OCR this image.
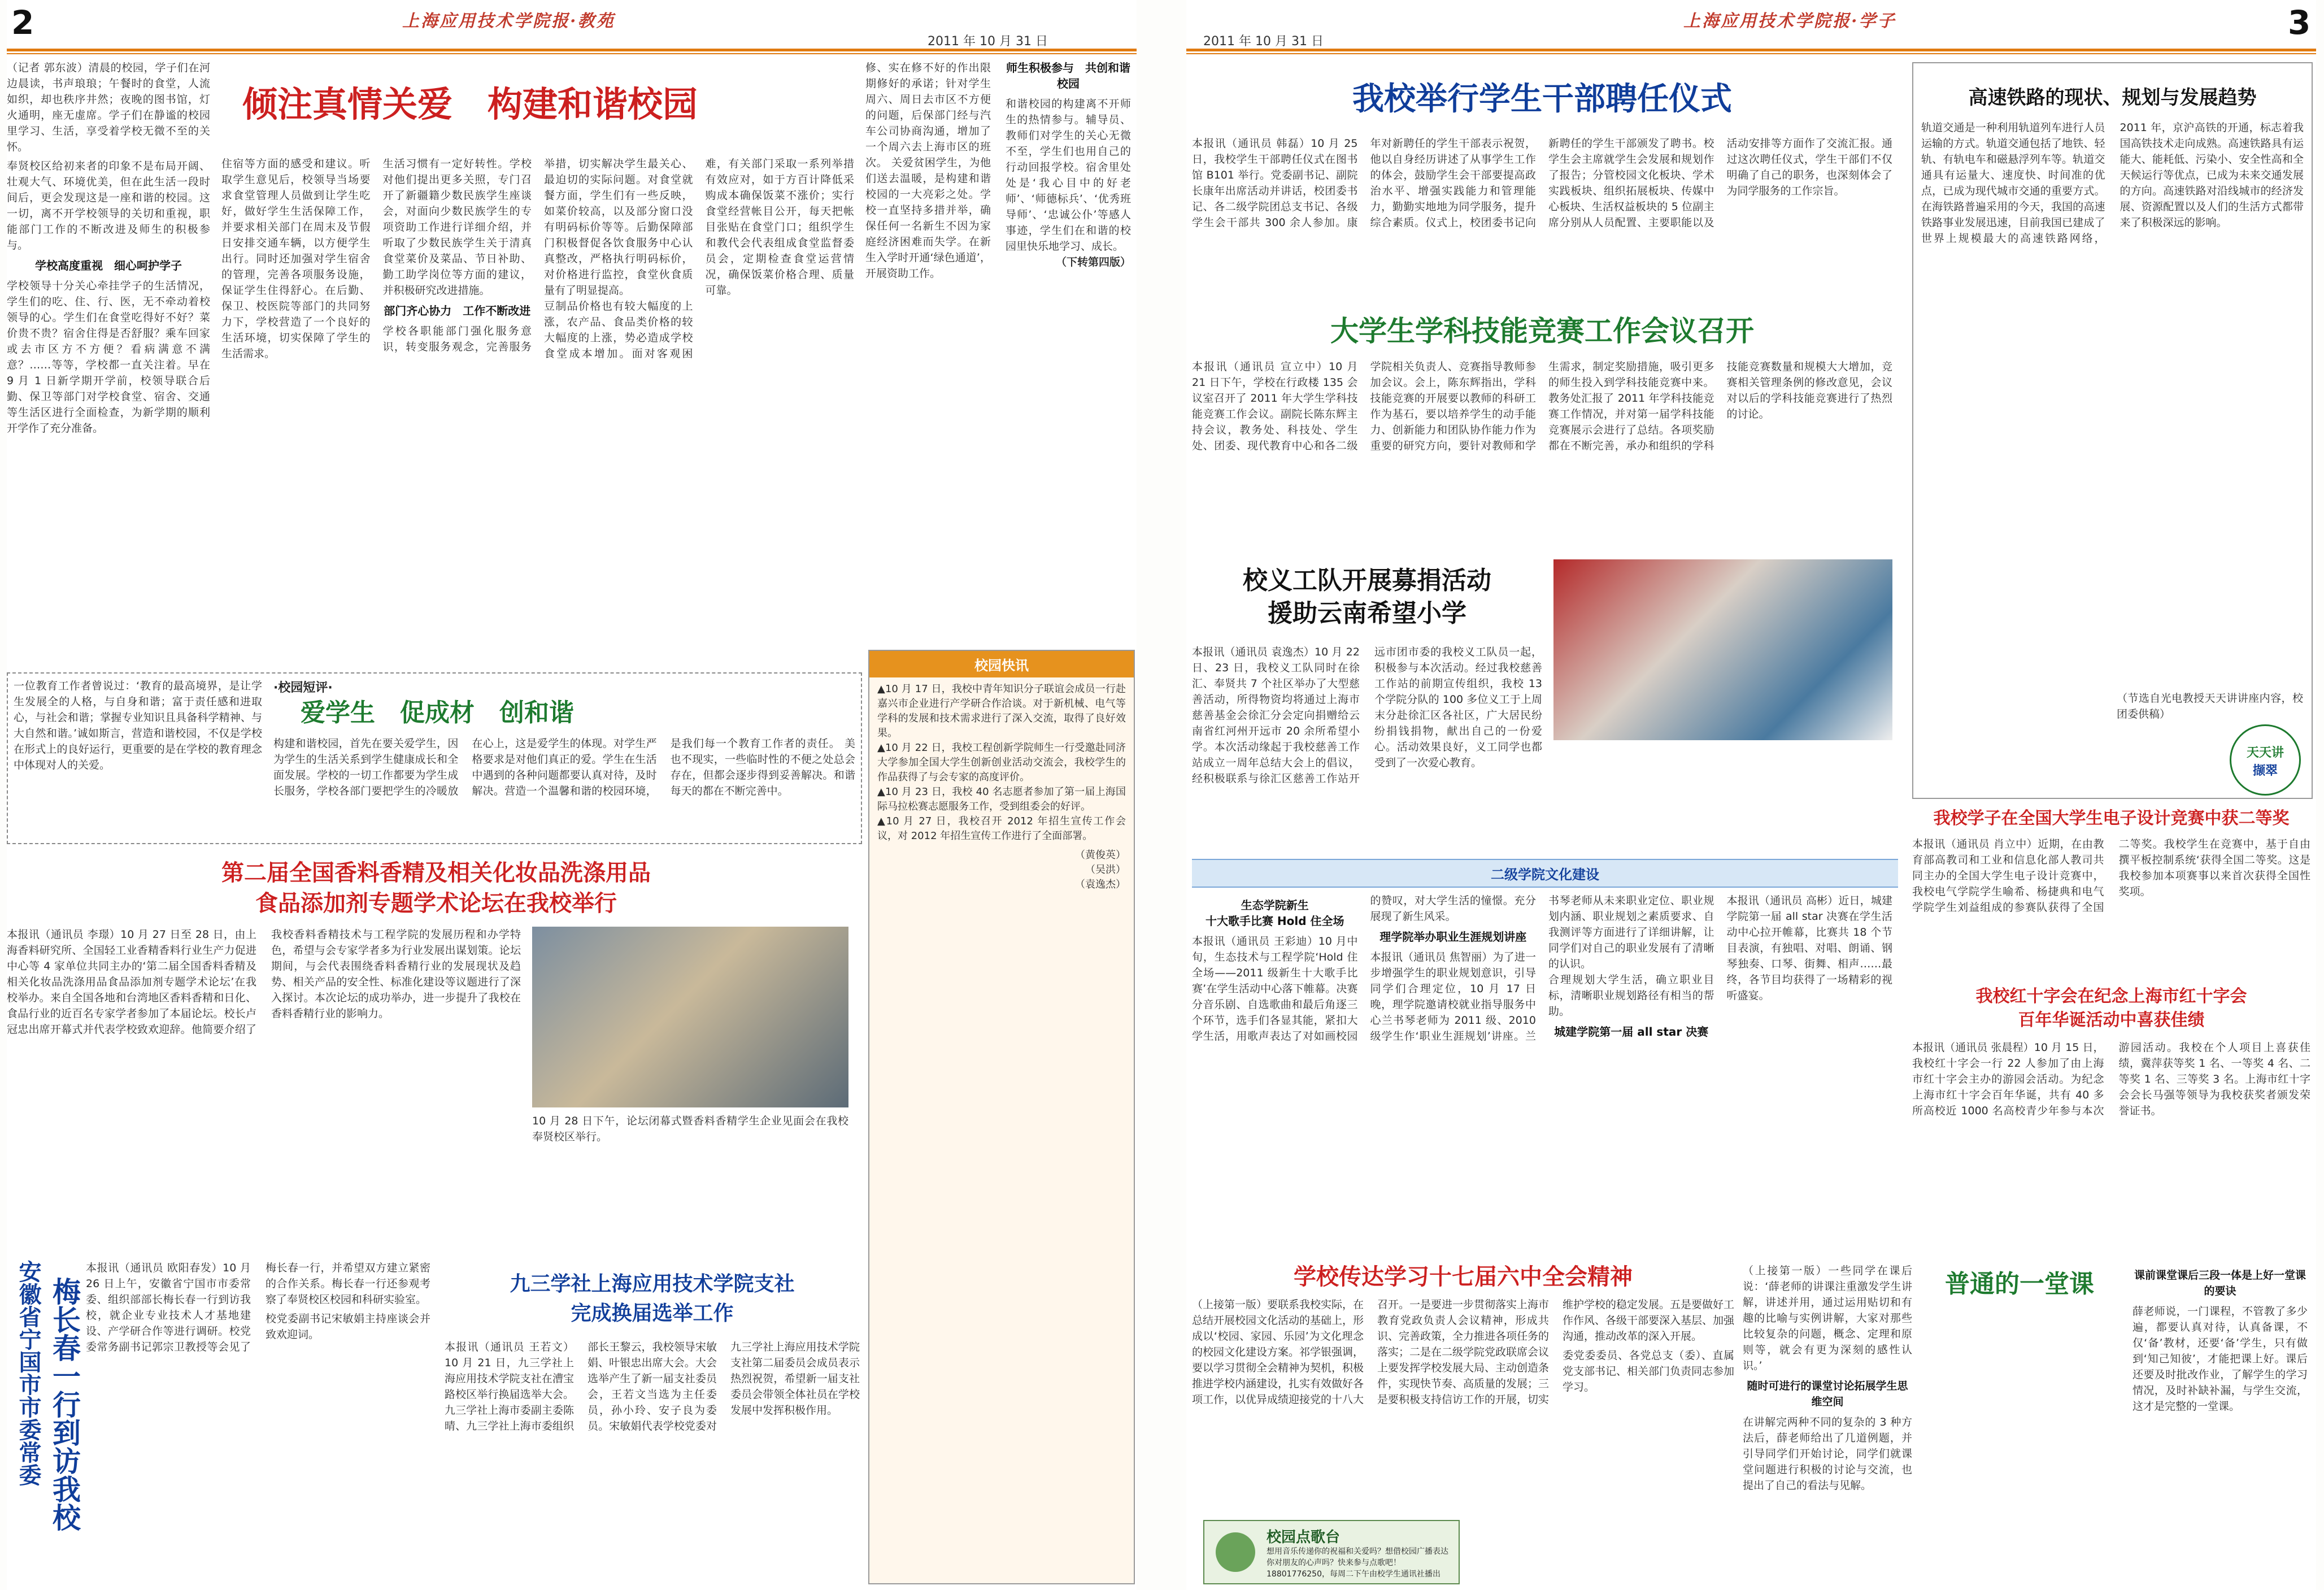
2	上海应用技术学院报·教苑
2011 年 10 月 31 日
倾注真情关爱　构建和谐校园

（记者 郭东波）清晨的校园，学子们在河边晨读，书声琅琅；午餐时的食堂，人流如织，却也秩序井然；夜晚的图书馆，灯火通明，座无虚席。学子们在静谧的校园里学习、生活，享受着学校无微不至的关怀。

奉贤校区给初来者的印象不是布局开阔、壮观大气、环境优美，但在此生活一段时间后，更会发现这是一座和谐的校园。这一切，离不开学校领导的关切和重视，职能部门工作的不断改进及师生的积极参与。

学校高度重视　细心呵护学子

学校领导十分关心牵挂学子的生活情况，学生们的吃、住、行、医，无不牵动着校领导的心。学生们在食堂吃得好不好？菜价贵不贵？宿舍住得是否舒服？乘车回家或去市区方不方便？看病满意不满意？……等等，学校都一直关注着。早在 9 月 1 日新学期开学前，校领导联合后勤、保卫等部门对学校食堂、宿舍、交通等生活区进行全面检查，为新学期的顺利开学作了充分准备。

住宿等方面的感受和建议。听取学生意见后，校领导当场要求食堂管理人员做到让学生吃好，做好学生生活保障工作，并要求相关部门在周末及节假日安排交通车辆，以方便学生出行。同时还加强对学生宿舍的管理，完善各项服务设施，保证学生住得舒心。在后勤、保卫、校医院等部门的共同努力下，学校营造了一个良好的生活环境，切实保障了学生的生活需求。

生活习惯有一定好转性。学校对他们提出更多关照，专门召开了新疆籍少数民族学生座谈会，对面向少数民族学生的专项资助工作进行详细介绍，并听取了少数民族学生关于清真食堂菜价及菜品、节日补助、勤工助学岗位等方面的建议，并积极研究改进措施。

部门齐心协力　工作不断改进

学校各职能部门强化服务意识，转变服务观念，完善服务举措，切实解决学生最关心、最迫切的实际问题。对食堂就餐方面，学生们有一些反映，如菜价较高，以及部分窗口没有明码标价等等。后勤保障部门积极督促各饮食服务中心认真整改，严格执行明码标价，对价格进行监控，食堂伙食质量有了明显提高。

豆制品价格也有较大幅度的上涨，农产品、食品类价格的较大幅度的上涨，势必造成学校食堂成本增加。面对客观困难，有关部门采取一系列举措有效应对，如于方百计降低采购成本确保饭菜不涨价；实行食堂经营帐目公开，每天把帐目张贴在食堂门口；组织学生和教代会代表组成食堂监督委员会，定期检查食堂运营情况，确保饭菜价格合理、质量可靠。

修、实在修不好的作出限期修好的承诺；针对学生周六、周日去市区不方便的问题，后保部门经与汽车公司协商沟通，增加了一个周六去上海市区的班次。 关爱贫困学生，为他们送去温暖，是构建和谐校园的一大亮彩之处。学校一直坚持多措并举，确保任何一名新生不因为家庭经济困难而失学。在新生入学时开通‘绿色通道’，开展资助工作。

师生积极参与　共创和谐校园

和谐校园的构建离不开师生的热情参与。辅导员、教师们对学生的关心无微不至，学生们也用自己的行动回报学校。宿舍里处处是‘我心目中的好老师’、‘师德标兵’、‘优秀班导师’、‘忠诚公仆’等感人事迹，学生们在和谐的校园里快乐地学习、成长。

（下转第四版）

·校园短评·
爱学生　促成材　创和谐
一位教育工作者曾说过：‘教育的最高境界，是让学生发展全的人格，与自身和谐；富于责任感和进取心，与社会和谐；掌握专业知识且具备科学精神、与大自然和谐。’诚如斯言，营造和谐校园，不仅是学校在形式上的良好运行，更重要的是在学校的教育理念中体现对人的关爱。
构建和谐校园，首先在要关爱学生，因为学生的生活关系到学生健康成长和全面发展。学校的一切工作都要为学生成长服务，学校各部门要把学生的冷暖放在心上，这是爱学生的体现。对学生严格要求是对他们真正的爱。学生在生活中遇到的各种问题都要认真对待，及时解决。营造一个温馨和谐的校园环境，是我们每一个教育工作者的责任。 美也不现实，一些临时性的不便之处总会存在，但都会逐步得到妥善解决。和谐每天的都在不断完善中。
校园快讯
▲10 月 17 日，我校中青年知识分子联谊会成员一行赴嘉兴市企业进行产学研合作洽谈。对于新机械、电气等学科的发展和技术需求进行了深入交流，取得了良好效果。
▲10 月 22 日，我校工程创新学院师生一行受邀赴同济大学参加全国大学生创新创业活动交流会，我校学生的作品获得了与会专家的高度评价。
▲10 月 23 日，我校 40 名志愿者参加了第一届上海国际马拉松赛志愿服务工作，受到组委会的好评。
▲10 月 27 日，我校召开 2012 年招生宣传工作会议，对 2012 年招生宣传工作进行了全面部署。
（黄俊英）
（吴洪）
（袁逸杰）
第二届全国香料香精及相关化妆品洗涤用品
食品添加剂专题学术论坛在我校举行
本报讯（通讯员 李璟）10 月 27 日至 28 日，由上海香料研究所、全国轻工业香精香料行业生产力促进中心等 4 家单位共同主办的‘第二届全国香料香精及相关化妆品洗涤用品食品添加剂专题学术论坛’在我校举办。来自全国各地和台湾地区香料香精和日化、食品行业的近百名专家学者参加了本届论坛。校长卢冠忠出席开幕式并代表学校致欢迎辞。他简要介绍了我校香料香精技术与工程学院的发展历程和办学特色，希望与会专家学者多为行业发展出谋划策。论坛期间，与会代表围绕香料香精行业的发展现状及趋势、相关产品的安全性、标准化建设等议题进行了深入探讨。本次论坛的成功举办，进一步提升了我校在香料香精行业的影响力。
10 月 28 日下午，论坛闭幕式暨香料香精学生企业见面会在我校奉贤校区举行。
安徽省宁国市市委常委 梅长春一行到访我校
本报讯（通讯员 欧阳春发）10 月 26 日上午，安徽省宁国市市委常委、组织部部长梅长春一行到访我校，就企业专业技术人才基地建设、产学研合作等进行调研。校党委常务副书记郭宗卫教授等会见了梅长春一行，并希望双方建立紧密的合作关系。梅长春一行还参观考察了奉贤校区校园和科研实验室。

校党委副书记宋敏娟主持座谈会并致欢迎词。

九三学社上海应用技术学院支社
完成换届选举工作
本报讯（通讯员 王若文）10 月 21 日，九三学社上海应用技术学院支社在漕宝路校区举行换届选举大会。九三学社上海市委副主委陈晴、九三学社上海市委组织部长王黎云，我校领导宋敏娟、叶银忠出席大会。大会选举产生了新一届支社委员会，王若文当选为主任委员，孙小玲、安子良为委员。宋敏娟代表学校党委对九三学社上海应用技术学院支社第二届委员会成员表示热烈祝贺，希望新一届支社委员会带领全体社员在学校发展中发挥积极作用。
2011 年 10 月 31 日
上海应用技术学院报·学子	3
我校举行学生干部聘任仪式
本报讯（通讯员 韩磊）10 月 25 日，我校学生干部聘任仪式在图书馆 B101 举行。党委副书记、副院长康年出席活动并讲话，校团委书记、各二级学院团总支书记、各级学生会干部共 300 余人参加。康年对新聘任的学生干部表示祝贺，他以自身经历讲述了从事学生工作的体会，鼓励学生会干部要提高政治水平、增强实践能力和管理能力，勤勤实地地为同学服务，提升综合素质。仪式上，校团委书记向新聘任的学生干部颁发了聘书。校学生会主席就学生会发展和规划作了报告；分管校园文化板块、学术实践板块、组织拓展板块、传媒中心板块、生活权益板块的 5 位副主席分别从人员配置、主要职能以及活动安排等方面作了交流汇报。通过这次聘任仪式，学生干部们不仅明确了自己的职务，也深刻体会了为同学服务的工作宗旨。
大学生学科技能竞赛工作会议召开
本报讯（通讯员 宣立中）10 月 21 日下午，学校在行政楼 135 会议室召开了 2011 年大学生学科技能竞赛工作会议。副院长陈东辉主持会议，教务处、科技处、学生处、团委、现代教育中心和各二级学院相关负责人、竞赛指导教师参加会议。会上，陈东辉指出，学科技能竞赛的开展要以教师的科研工作为基石，要以培养学生的动手能力、创新能力和团队协作能力作为重要的研究方向，要针对教师和学生需求，制定奖励措施，吸引更多的师生投入到学科技能竞赛中来。教务处汇报了 2011 年学科技能竞赛工作情况，并对第一届学科技能竞赛展示会进行了总结。各项奖励都在不断完善，承办和组织的学科技能竞赛数量和规模大大增加，竞赛相关管理条例的修改意见，会议对以后的学科技能竞赛进行了热烈的讨论。
校义工队开展募捐活动
援助云南希望小学
本报讯（通讯员 袁逸杰）10 月 22 日、23 日，我校义工队同时在徐汇、奉贤共 7 个社区举办了大型慈善活动，所得物资均将通过上海市慈善基金会徐汇分会定向捐赠给云南省红河州开远市 20 余所希望小学。本次活动缘起于我校慈善工作站成立一周年总结大会上的倡议，经积极联系与徐汇区慈善工作站开远市团市委的我校义工队员一起，积极参与本次活动。经过我校慈善工作站的前期宣传组织，我校 13 个学院分队的 100 多位义工于上周末分赴徐汇区各社区，广大居民纷纷捐钱捐物，献出自己的一份爱心。活动效果良好，义工同学也都受到了一次爱心教育。
二级学院文化建设
生态学院新生
十大歌手比赛 Hold 住全场

本报讯（通讯员 王彩迪）10 月中旬，生态技术与工程学院‘Hold 住全场——2011 级新生十大歌手比赛’在学生活动中心落下帷幕。决赛分音乐剧、自选歌曲和最后角逐三个环节，选手们各显其能，紧扣大学生活，用歌声表达了对如画校园的赞叹，对大学生活的憧憬。充分展现了新生风采。

理学院举办职业生涯规划讲座

本报讯（通讯员 焦智丽）为了进一步增强学生的职业规划意识，引导同学们合理定位，10 月 17 日晚，理学院邀请校就业指导服务中心兰书琴老师为 2011 级、2010 级学生作‘职业生涯规划’讲座。兰书琴老师从未来职业定位、职业规划内涵、职业规划之素质要求、自我测评等方面进行了详细讲解，让同学们对自己的职业发展有了清晰的认识。

合理规划大学生活，确立职业目标，清晰职业规划路径有相当的帮助。

城建学院第一届 all star 决赛

本报讯（通讯员 高彬）近日，城建学院第一届 all star 决赛在学生活动中心拉开帷幕，比赛共 18 个节目表演，有独唱、对唱、朗诵、钢琴独奏、口琴、街舞、相声……最终，各节目均获得了一场精彩的视听盛宴。

学校传达学习十七届六中全会精神
（上接第一版）要联系我校实际，在总结开展校园文化活动的基础上，形成以‘校园、家园、乐园’为文化理念的校园文化建设方案。祁学银强调，要以学习贯彻全会精神为契机，积极推进学校内涵建设，扎实有效做好各项工作，以优异成绩迎接党的十八大召开。一是要进一步贯彻落实上海市教育党政负责人会议精神，形成共识、完善政策，全力推进各项任务的落实；二是在二级学院党政联席会议上要发挥学校发展大局、主动创造条件，实现快节奏、高质量的发展；三是要积极支持信访工作的开展，切实维护学校的稳定发展。五是要做好工作作风、各级干部要深入基层、加强沟通，推动改革的深入开展。

委党委委员、各党总支（委）、直属党支部书记、相关部门负责同志参加学习。

校园点歌台
想用音乐传递你的祝福和关爱吗？想借校园广播表达你对朋友的心声吗？快来参与点歌吧！
18801776250，每周二下午由校学生通讯社播出
普通的一堂课

（上接第一版）一些同学在课后说：‘薛老师的讲课注重激发学生讲解，讲述并用，通过运用贴切和有趣的比喻与实例讲解，大家对那些比较复杂的问题，概念、定理和原则等，就会有更为深刻的感性认识。’

随时可进行的课堂讨论拓展学生思维空间

在讲解完两种不同的复杂的 3 种方法后，薛老师给出了几道例题，并引导同学们开始讨论，同学们就课堂问题进行积极的讨论与交流，也提出了自己的看法与见解。

课前课堂课后三段一体是上好一堂课的要诀

薛老师说，一门课程，不管教了多少遍，都要认真对待，认真备课，不仅‘备’教材，还要‘备’学生，只有做到‘知己知彼’，才能把课上好。课后还要及时批改作业，了解学生的学习情况，及时补缺补漏，与学生交流，这才是完整的一堂课。

高速铁路的现状、规划与发展趋势
轨道交通是一种利用轨道列车进行人员运输的方式。轨道交通包括了地铁、轻轨、有轨电车和磁悬浮列车等。轨道交通具有运量大、速度快、时间准的优点，已成为现代城市交通的重要方式。在海铁路普遍采用的今天，我国的高速铁路事业发展迅速，目前我国已建成了世界上规模最大的高速铁路网络，2011 年，京沪高铁的开通，标志着我国高铁技术走向成熟。高速铁路具有运能大、能耗低、污染小、安全性高和全天候运行等优点，已成为未来交通发展的方向。高速铁路对沿线城市的经济发展、资源配置以及人们的生活方式都带来了积极深远的影响。
（节选自光电教授天天讲讲座内容，校团委供稿）
天天讲
撷翠
我校学子在全国大学生电子设计竞赛中获二等奖
本报讯（通讯员 肖立中）近期，在由教育部高教司和工业和信息化部人教司共同主办的全国大学生电子设计竞赛中，我校电气学院学生喻希、杨捷典和电气学院学生刘益组成的参赛队获得了全国二等奖。我校学生在竞赛中，基于自由撰平板控制系统‘获得全国二等奖。这是我校参加本项赛事以来首次获得全国性奖项。
我校红十字会在纪念上海市红十字会
百年华诞活动中喜获佳绩
本报讯（通讯员 张晨程）10 月 15 日，我校红十字会一行 22 人参加了由上海市红十字会主办的游园会活动。为纪念上海市红十字会百年华诞，共有 40 多所高校近 1000 名高校青少年参与本次游园活动。我校在个人项目上喜获佳绩，冀萍获等奖 1 名、一等奖 4 名、二等奖 1 名、三等奖 3 名。上海市红十字会会长马强等领导为我校获奖者颁发荣誉证书。
